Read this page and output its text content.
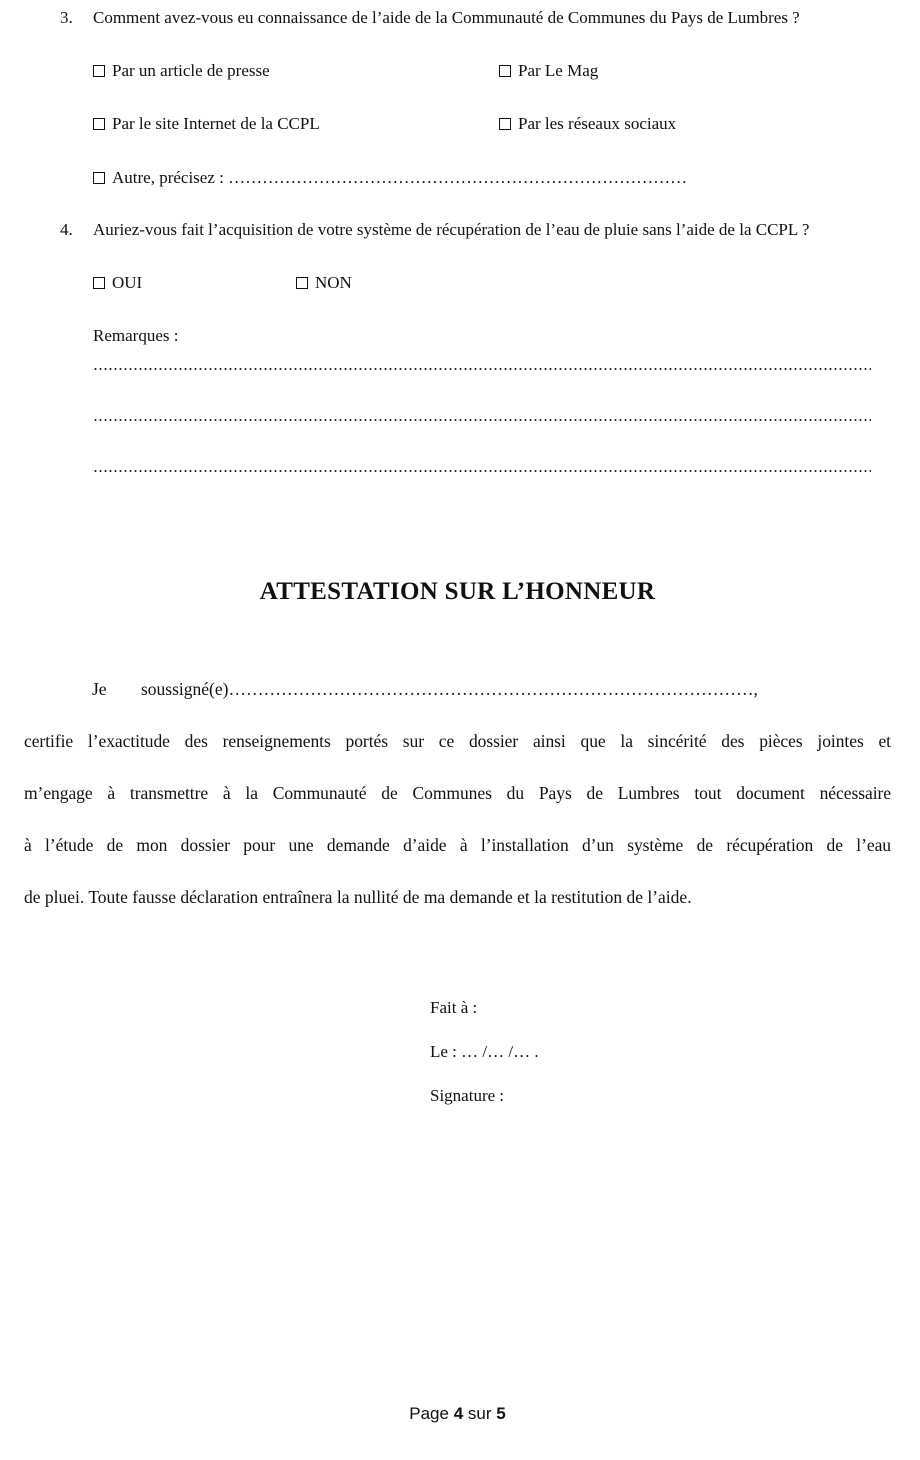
3. Comment avez-vous eu connaissance de l’aide de la Communauté de Communes du Pays de Lumbres ?
Par un article de presse	Par Le Mag
Par le site Internet de la CCPL	Par les réseaux sociaux
Autre, précisez : ………………………………………………………………………
4. Auriez-vous fait l’acquisition de votre système de récupération de l’eau de pluie sans l’aide de la CCPL ?
OUI	NON
Remarques :
ATTESTATION SUR L’HONNEUR
Je soussigné(e)………………………………………………………………………………,
certifie l’exactitude des renseignements portés sur ce dossier ainsi que la sincérité des pièces jointes et
m’engage à transmettre à la Communauté de Communes du Pays de Lumbres tout document nécessaire
à l’étude de mon dossier pour une demande d’aide à l’installation d’un système de récupération de l’eau
de pluei. Toute fausse déclaration entraînera la nullité de ma demande et la restitution de l’aide.
Fait à :
Le : … /… /… .
Signature :
Page 4 sur 5
